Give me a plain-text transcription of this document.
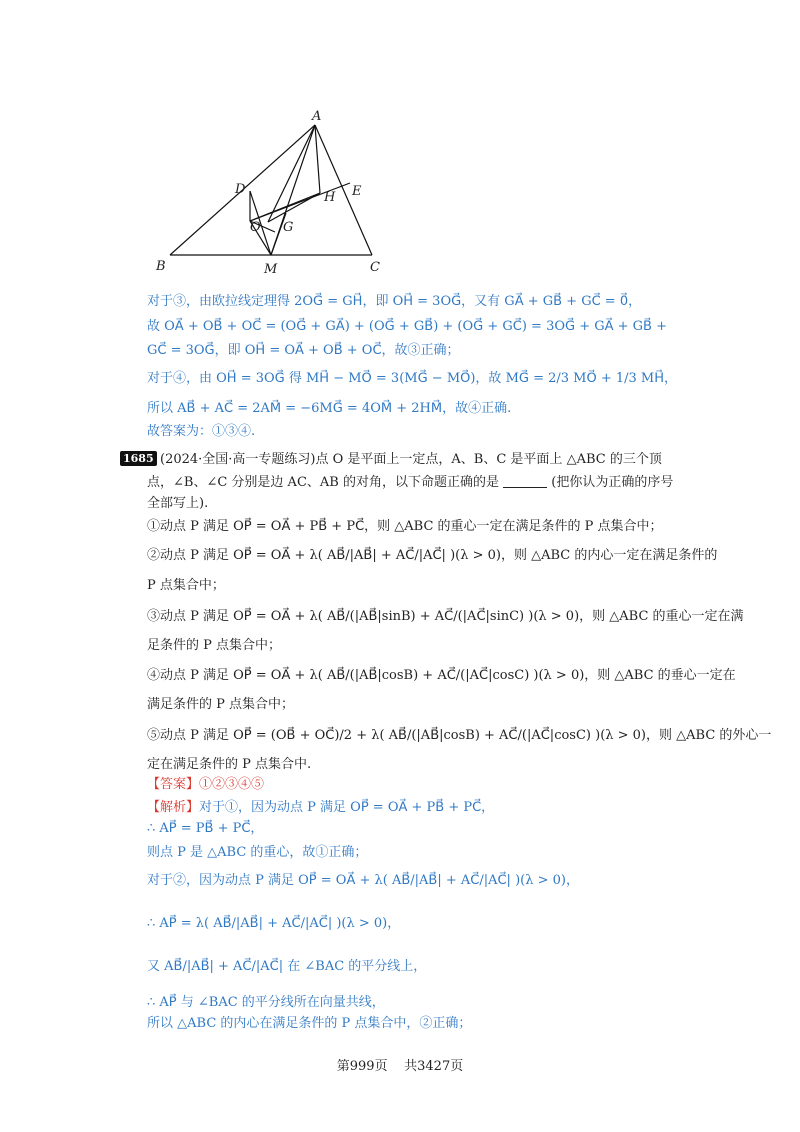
A
B	C
D	E
H
O G
M
对于③，由欧拉线定理得 2OG⃗ = GH⃗，即 OH⃗ = 3OG⃗，又有 GA⃗ + GB⃗ + GC⃗ = 0⃗，
故 OA⃗ + OB⃗ + OC⃗ = (OG⃗ + GA⃗) + (OG⃗ + GB⃗) + (OG⃗ + GC⃗) = 3OG⃗ + GA⃗ + GB⃗ +
GC⃗ = 3OG⃗，即 OH⃗ = OA⃗ + OB⃗ + OC⃗，故③正确；
对于④，由 OH⃗ = 3OG⃗ 得 MH⃗ − MO⃗ = 3(MG⃗ − MO⃗)，故 MG⃗ = 2/3 MO⃗ + 1/3 MH⃗，
所以 AB⃗ + AC⃗ = 2AM⃗ = −6MG⃗ = 4OM⃗ + 2HM⃗，故④正确.
故答案为：①③④.
1685 (2024·全国·高一专题练习)点 O 是平面上一定点，A、B、C 是平面上 △ABC 的三个顶
点，∠B、∠C 分别是边 AC、AB 的对角，以下命题正确的是	(把你认为正确的序号
全部写上).
①动点 P 满足 OP⃗ = OA⃗ + PB⃗ + PC⃗，则 △ABC 的重心一定在满足条件的 P 点集合中；
②动点 P 满足 OP⃗ = OA⃗ + λ( AB⃗/|AB⃗| + AC⃗/|AC⃗| )(λ > 0)，则 △ABC 的内心一定在满足条件的
P 点集合中；
③动点 P 满足 OP⃗ = OA⃗ + λ( AB⃗/(|AB⃗|sinB) + AC⃗/(|AC⃗|sinC) )(λ > 0)，则 △ABC 的重心一定在满
足条件的 P 点集合中；
④动点 P 满足 OP⃗ = OA⃗ + λ( AB⃗/(|AB⃗|cosB) + AC⃗/(|AC⃗|cosC) )(λ > 0)，则 △ABC 的垂心一定在
满足条件的 P 点集合中；
⑤动点 P 满足 OP⃗ = (OB⃗ + OC⃗)/2 + λ( AB⃗/(|AB⃗|cosB) + AC⃗/(|AC⃗|cosC) )(λ > 0)，则 △ABC 的外心一
定在满足条件的 P 点集合中.
【答案】①②③④⑤
【解析】对于①，因为动点 P 满足 OP⃗ = OA⃗ + PB⃗ + PC⃗，
∴ AP⃗ = PB⃗ + PC⃗，
则点 P 是 △ABC 的重心，故①正确；
对于②，因为动点 P 满足 OP⃗ = OA⃗ + λ( AB⃗/|AB⃗| + AC⃗/|AC⃗| )(λ > 0)，
∴ AP⃗ = λ( AB⃗/|AB⃗| + AC⃗/|AC⃗| )(λ > 0)，
又 AB⃗/|AB⃗| + AC⃗/|AC⃗| 在 ∠BAC 的平分线上，
∴ AP⃗ 与 ∠BAC 的平分线所在向量共线，
所以 △ABC 的内心在满足条件的 P 点集合中，②正确；
第999页 共3427页
